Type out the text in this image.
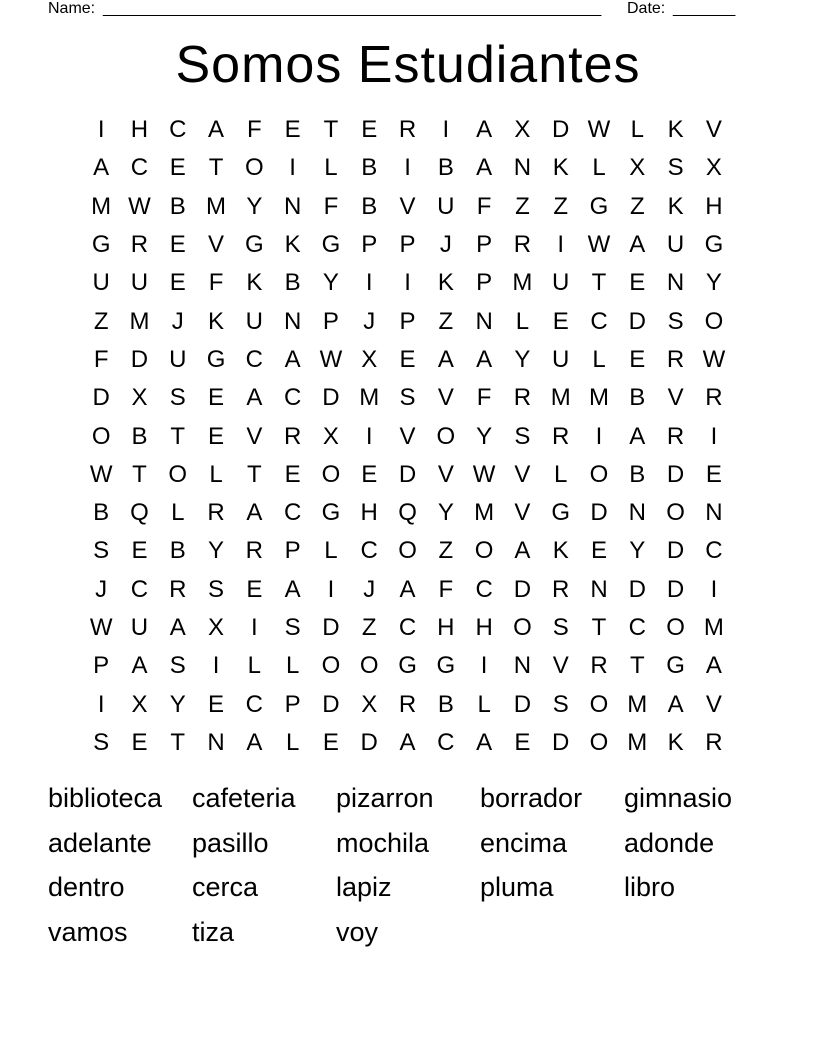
Name: ________________________________________________________ Date: _______
Somos Estudiantes
I	H C A F E T E R	I	A X D W L K V
A C E T O	I	L B	I	B A N K L X S X
M W B M Y N F B V U F Z Z G Z K H
G R E V G K G P P	J	P R	I W A U G
U U E F K B Y	I	I	K P M U T E N Y
Z M J	K U N P	J	P Z N L E C D S O
F D U G C A W X E A A Y U L E R W
D X S E A C D M S V F R M M B V R
O B T E V R X	I	V O Y S R	I	A R	I
W T O L	T E O E D V W V L O B D E
B Q L R A C G H Q Y M V G D N O N
S E B Y R P L C O Z O A K E Y D C
J C R S E A	I	J	A F C D R N D D	I
W U A X	I	S D Z C H H O S T C O M
P A S	I	L	L O O G G	I	N V R T G A
I	X Y E C P D X R B L D S O M A V
S E T N A L E D A C A E D O M K R
biblioteca	cafeteria	pizarron	borrador	gimnasio
adelante	pasillo	mochila	encima	adonde
dentro	cerca	lapiz	pluma	libro
vamos	tiza	voy
